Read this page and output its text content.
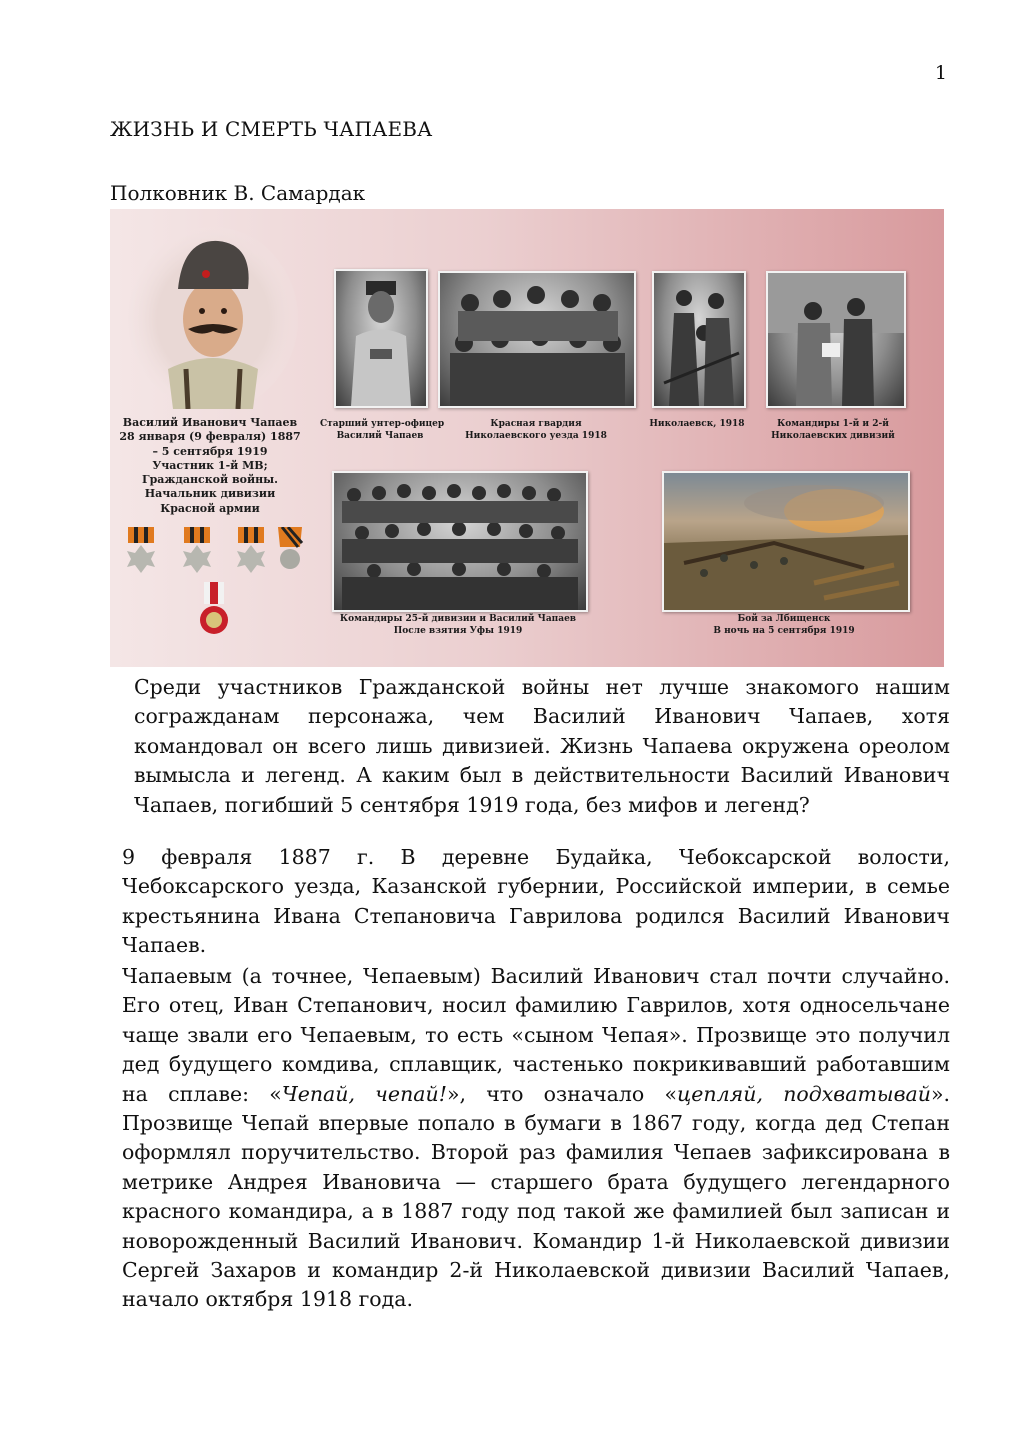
1
ЖИЗНЬ И СМЕРТЬ ЧАПАЕВА
Полковник В. Самардак
Василий Иванович Чапаев
28 января (9 февраля) 1887
– 5 сентября 1919
Участник 1-й МВ;
Гражданской войны.
Начальник дивизии
Красной армии
Старший унтер-офицер
Василий Чапаев
Красная гвардия
Николаевского уезда 1918
Николаевск, 1918	Командиры 1-й и 2-й
Николаевских дивизий
Командиры 25-й дивизии и Василий Чапаев
После взятия Уфы 1919
Бой за Лбищенск
В ночь на 5 сентября 1919

Среди участников Гражданской войны нет лучше знакомого нашим согражданам персонажа, чем Василий Иванович Чапаев, хотя командовал он всего лишь дивизией. Жизнь Чапаева окружена ореолом вымысла и легенд. А каким был в действительности Василий Иванович Чапаев, погибший 5 сентября 1919 года, без мифов и легенд?

9 февраля 1887 г. В деревне Будайка, Чебоксарской волости, Чебоксарского уезда, Казанской губернии, Российской империи, в семье крестьянина Ивана Степановича Гаврилова родился Василий Иванович Чапаев.

Чапаевым (а точнее, Чепаевым) Василий Иванович стал почти случайно. Его отец, Иван Степанович, носил фамилию Гаврилов, хотя односельчане чаще звали его Чепаевым, то есть «сыном Чепая». Прозвище это получил дед будущего комдива, сплавщик, частенько покрикивавший работавшим на сплаве: «Чепай, чепай!», что означало «цепляй, подхватывай». Прозвище Чепай впервые попало в бумаги в 1867 году, когда дед Степан оформлял поручительство. Второй раз фамилия Чепаев зафиксирована в метрике Андрея Ивановича — старшего брата будущего легендарного красного командира, а в 1887 году под такой же фамилией был записан и новорожденный Василий Иванович. Командир 1-й Николаевской дивизии Сергей Захаров и командир 2-й Николаевской дивизии Василий Чапаев, начало октября 1918 года.
